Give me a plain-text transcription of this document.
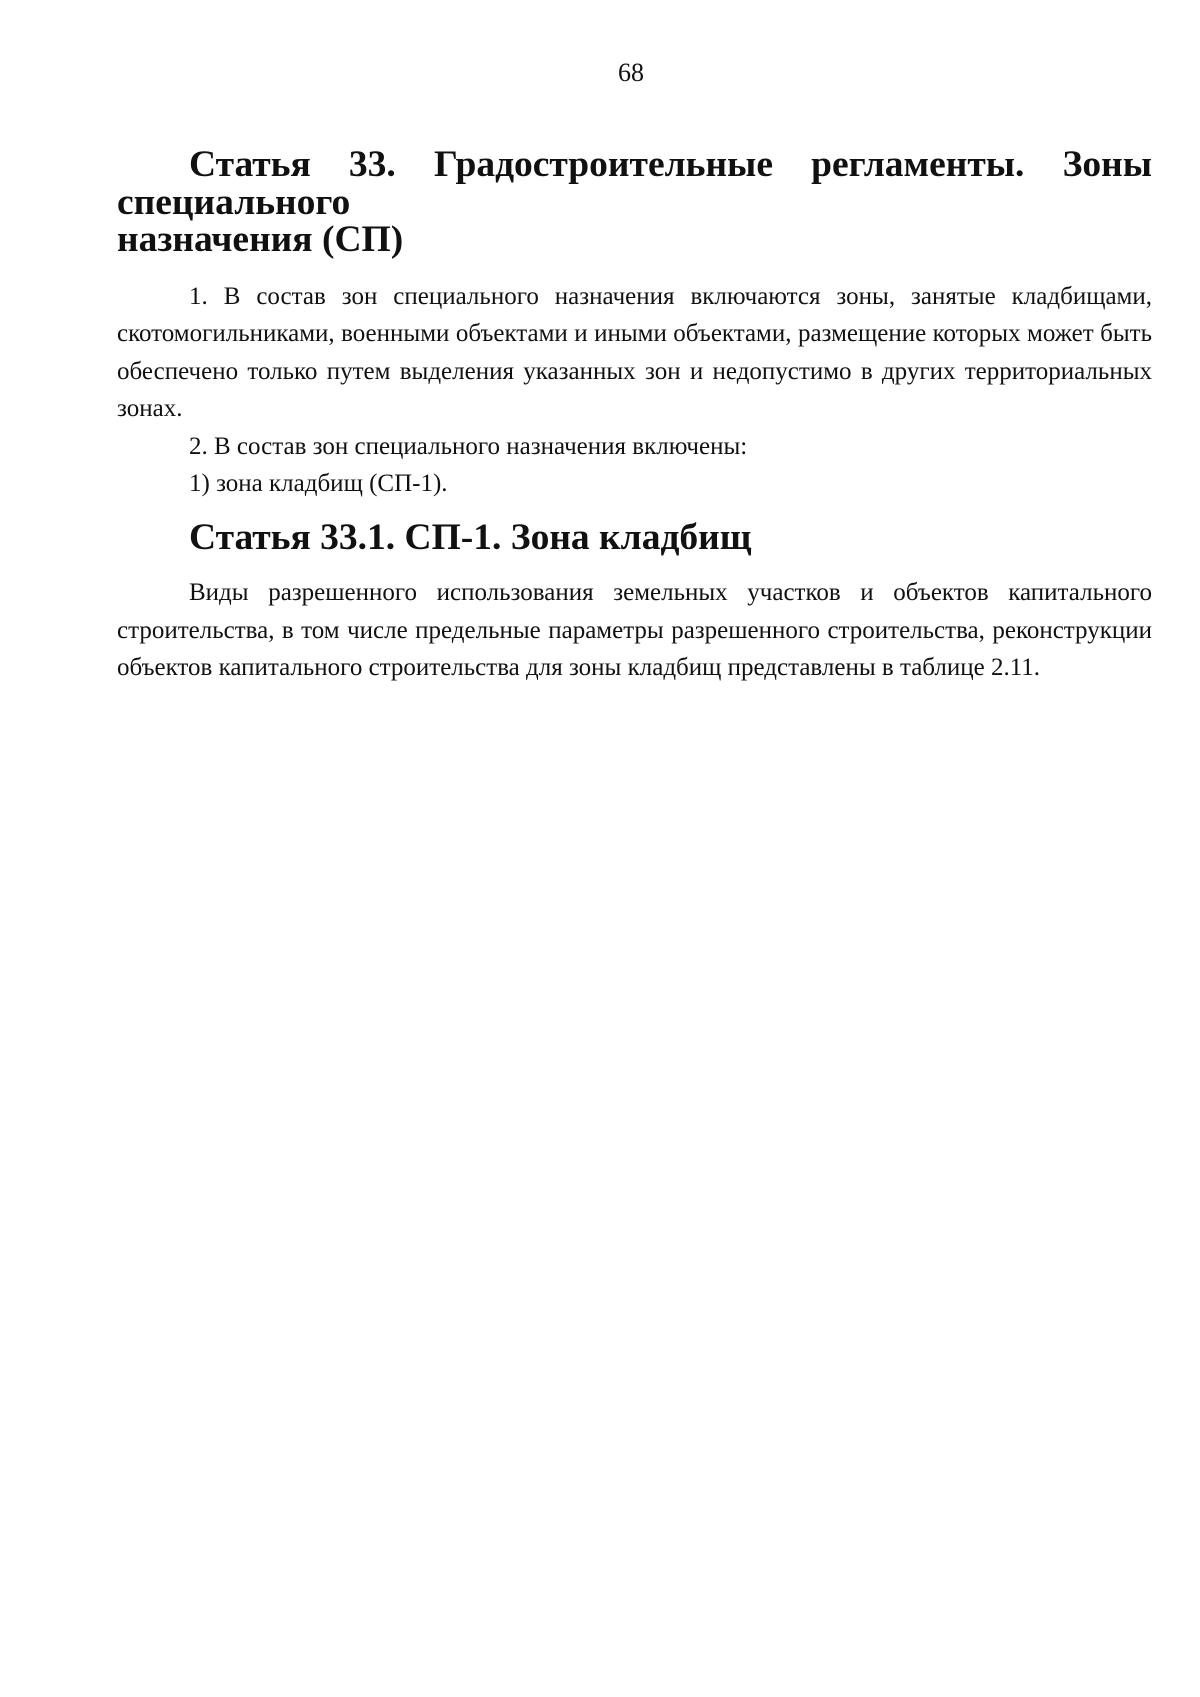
68
Статья 33. Градостроительные регламенты. Зоны специального
назначения (СП)

1. В состав зон специального назначения включаются зоны, занятые кладбищами, скотомогильниками, военными объектами и иными объектами, размещение которых может быть обеспечено только путем выделения указанных зон и недопустимо в других территориальных зонах.

2. В состав зон специального назначения включены:

1) зона кладбищ (СП-1).

Статья 33.1. СП-1. Зона кладбищ

Виды разрешенного использования земельных участков и объектов капитального строительства, в том числе предельные параметры разрешенного строительства, реконструкции объектов капитального строительства для зоны кладбищ представлены в таблице 2.11.
